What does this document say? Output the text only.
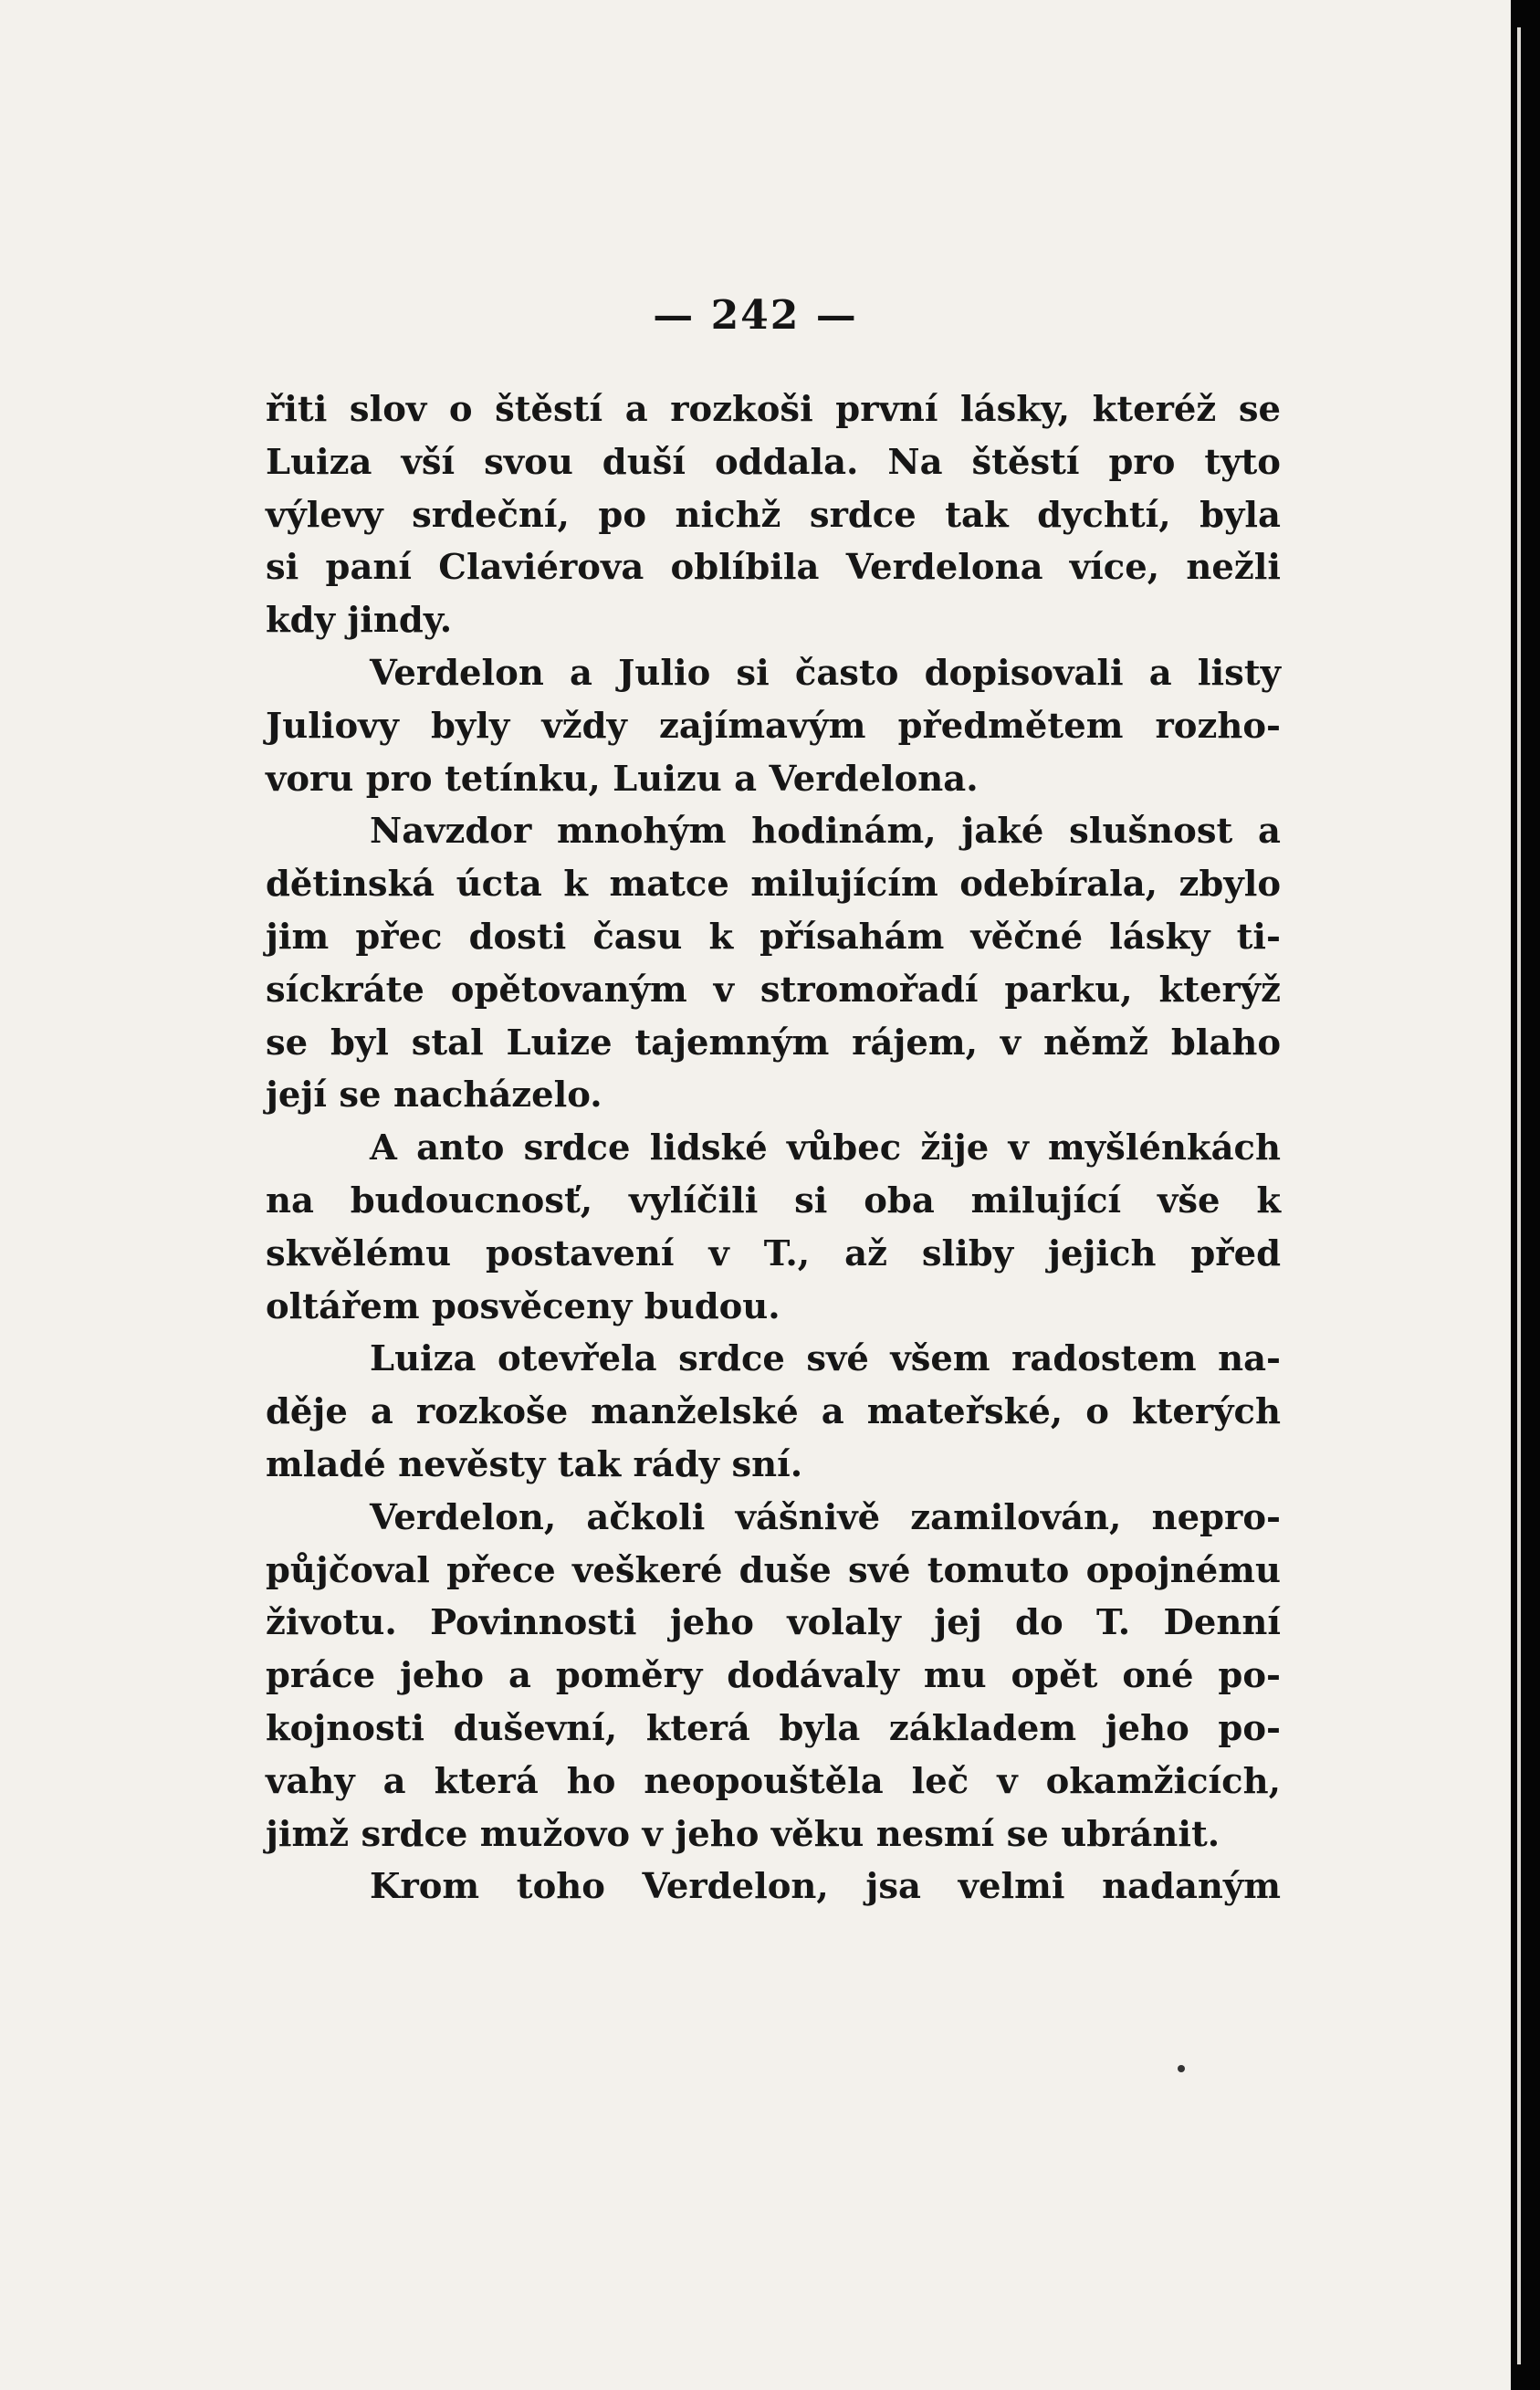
— 242 —
řiti slov o štěstí a rozkoši první lásky, kteréž se
Luiza vší svou duší oddala. Na štěstí pro tyto
výlevy srdeční, po nichž srdce tak dychtí, byla
si paní Claviérova oblíbila Verdelona více, nežli
kdy jindy.
Verdelon a Julio si často dopisovali a listy
Juliovy byly vždy zajímavým předmětem rozho-
voru pro tetínku, Luizu a Verdelona.
Navzdor mnohým hodinám, jaké slušnost a
dětinská úcta k matce milujícím odebírala, zbylo
jim přec dosti času k přísahám věčné lásky ti-
síckráte opětovaným v stromořadí parku, kterýž
se byl stal Luize tajemným rájem, v němž blaho
její se nacházelo.
A anto srdce lidské vůbec žije v myšlénkách
na budoucnosť, vylíčili si oba milující vše k
skvělému postavení v T., až sliby jejich před
oltářem posvěceny budou.
Luiza otevřela srdce své všem radostem na-
děje a rozkoše manželské a mateřské, o kterých
mladé nevěsty tak rády sní.
Verdelon, ačkoli vášnivě zamilován, nepro-
půjčoval přece veškeré duše své tomuto opojnému
životu. Povinnosti jeho volaly jej do T. Denní
práce jeho a poměry dodávaly mu opět oné po-
kojnosti duševní, která byla základem jeho po-
vahy a která ho neopouštěla leč v okamžicích,
jimž srdce mužovo v jeho věku nesmí se ubránit.
Krom toho Verdelon, jsa velmi nadaným
